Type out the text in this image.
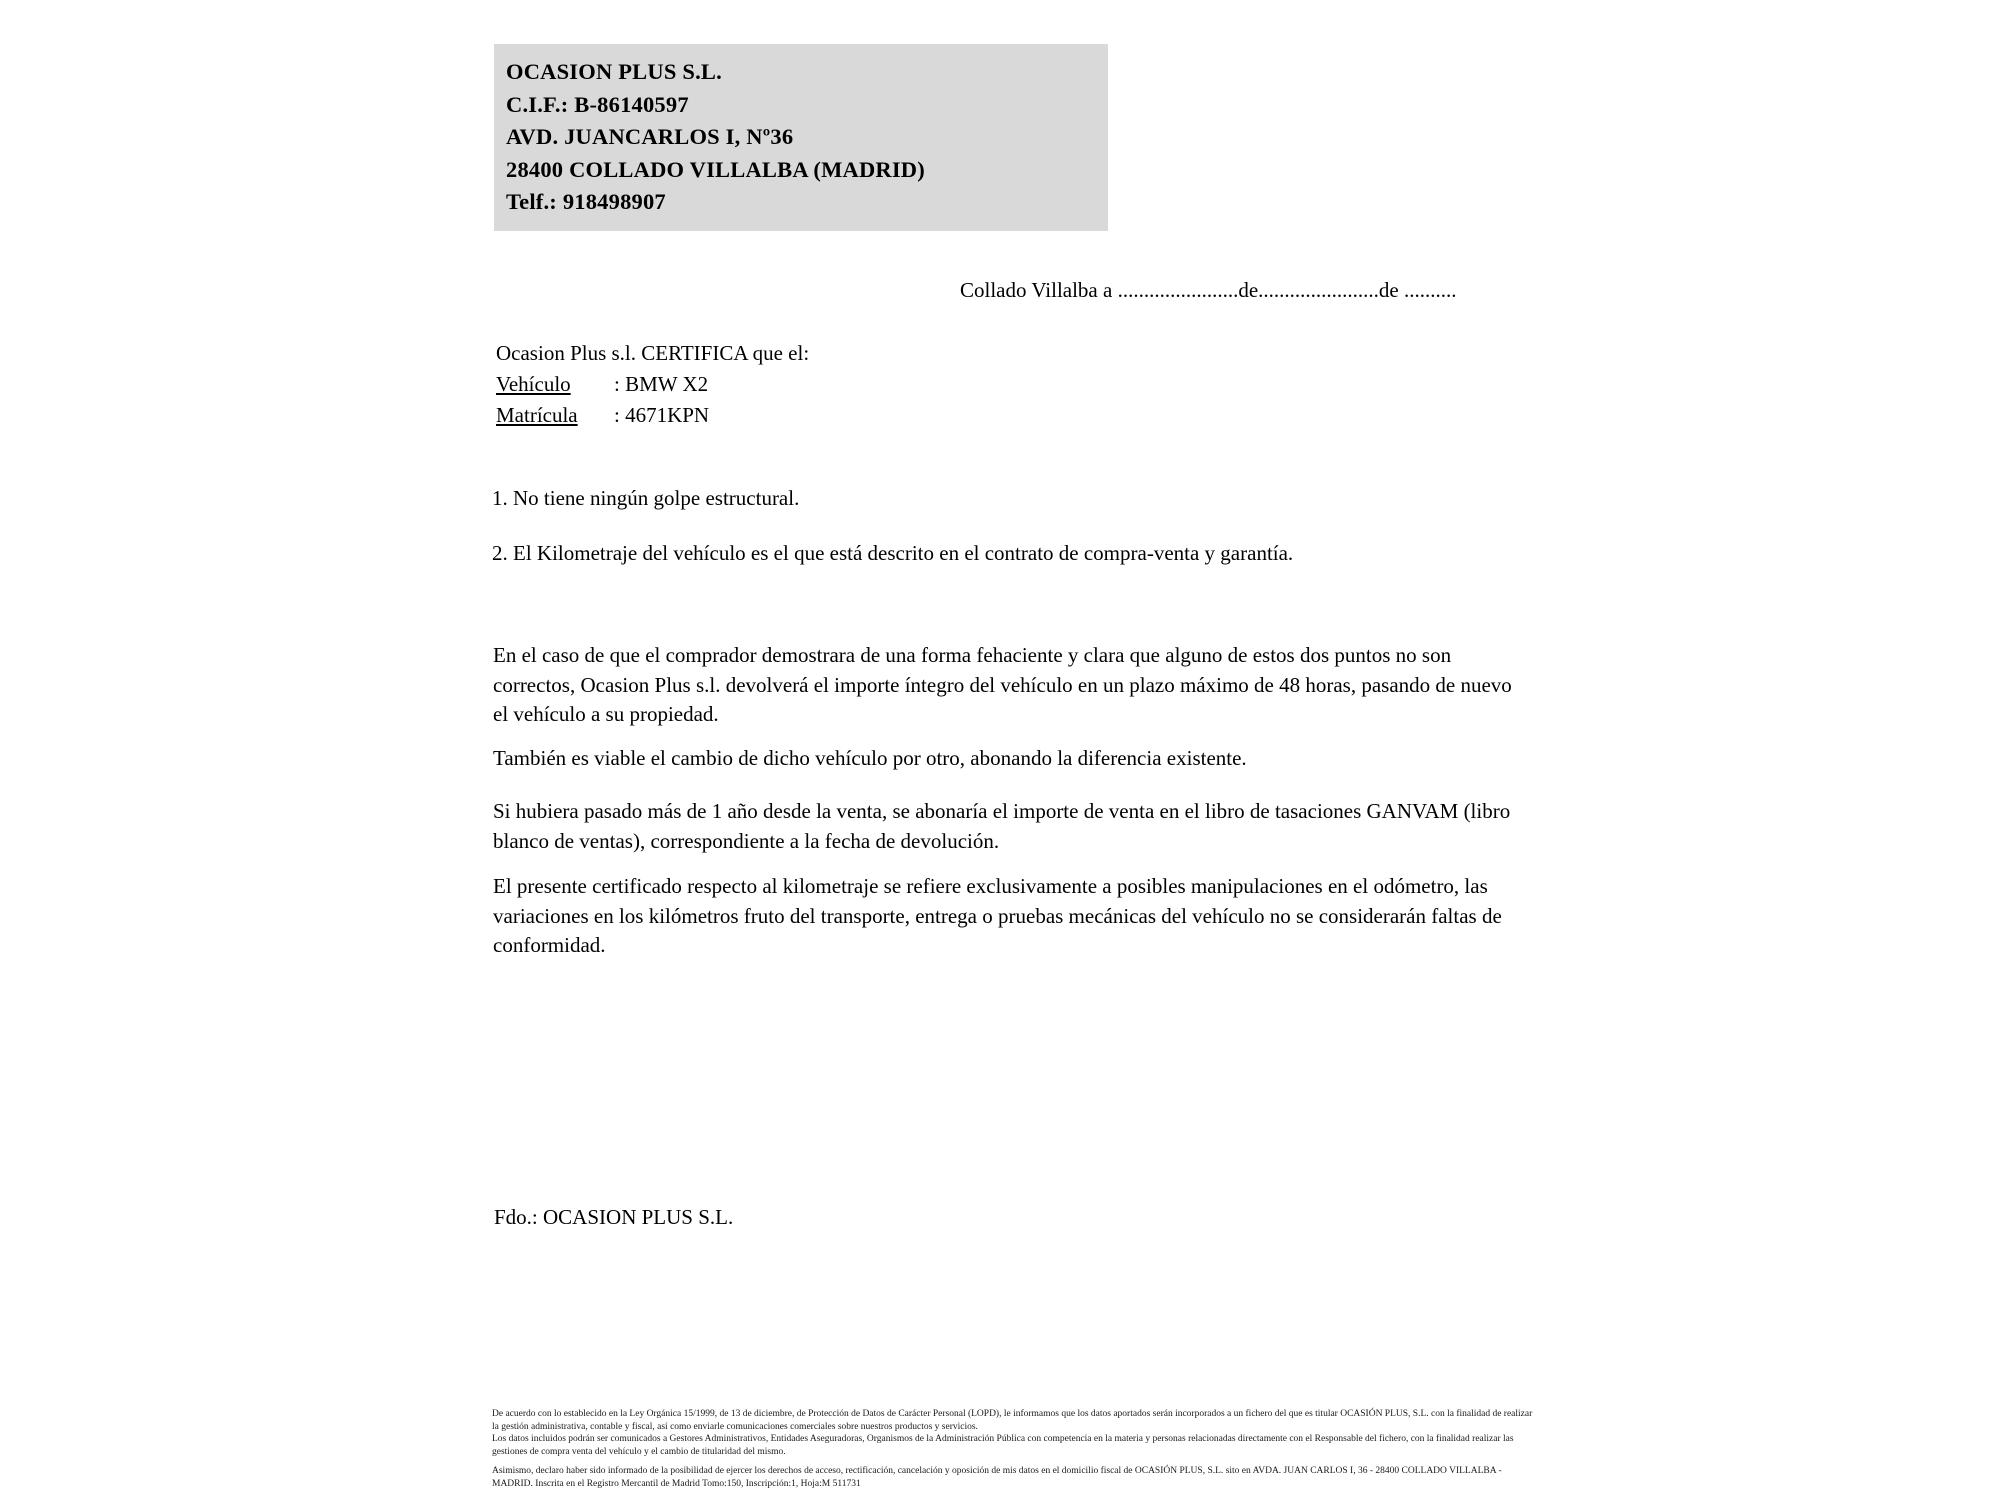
OCASION PLUS S.L.
C.I.F.: B-86140597
AVD. JUANCARLOS I, Nº36
28400 COLLADO VILLALBA (MADRID)
Telf.: 918498907
Collado Villalba a .......................de.......................de ..........
Ocasion Plus s.l. CERTIFICA que el:
Vehículo : BMW X2
Matrícula : 4671KPN
1. No tiene ningún golpe estructural.
2. El Kilometraje del vehículo es el que está descrito en el contrato de compra-venta y garantía.
En el caso de que el comprador demostrara de una forma fehaciente y clara que alguno de estos dos puntos no son correctos, Ocasion Plus s.l. devolverá el importe íntegro del vehículo en un plazo máximo de 48 horas, pasando de nuevo el vehículo a su propiedad.
También es viable el cambio de dicho vehículo por otro, abonando la diferencia existente.
Si hubiera pasado más de 1 año desde la venta, se abonaría el importe de venta en el libro de tasaciones GANVAM (libro blanco de ventas), correspondiente a la fecha de devolución.
El presente certificado respecto al kilometraje se refiere exclusivamente a posibles manipulaciones en el odómetro, las variaciones en los kilómetros fruto del transporte, entrega o pruebas mecánicas del vehículo no se considerarán faltas de conformidad.
Fdo.: OCASION PLUS S.L.

De acuerdo con lo establecido en la Ley Orgánica 15/1999, de 13 de diciembre, de Protección de Datos de Carácter Personal (LOPD), le informamos que los datos aportados serán incorporados a un fichero del que es titular OCASIÓN PLUS, S.L. con la finalidad de realizar la gestión administrativa, contable y fiscal, así como enviarle comunicaciones comerciales sobre nuestros productos y servicios.

Los datos incluidos podrán ser comunicados a Gestores Administrativos, Entidades Aseguradoras, Organismos de la Administración Pública con competencia en la materia y personas relacionadas directamente con el Responsable del fichero, con la finalidad realizar las gestiones de compra venta del vehículo y el cambio de titularidad del mismo.

Asimismo, declaro haber sido informado de la posibilidad de ejercer los derechos de acceso, rectificación, cancelación y oposición de mis datos en el domicilio fiscal de OCASIÓN PLUS, S.L. sito en AVDA. JUAN CARLOS I, 36 - 28400 COLLADO VILLALBA - MADRID. Inscrita en el Registro Mercantil de Madrid Tomo:150, Inscripción:1, Hoja:M 511731
